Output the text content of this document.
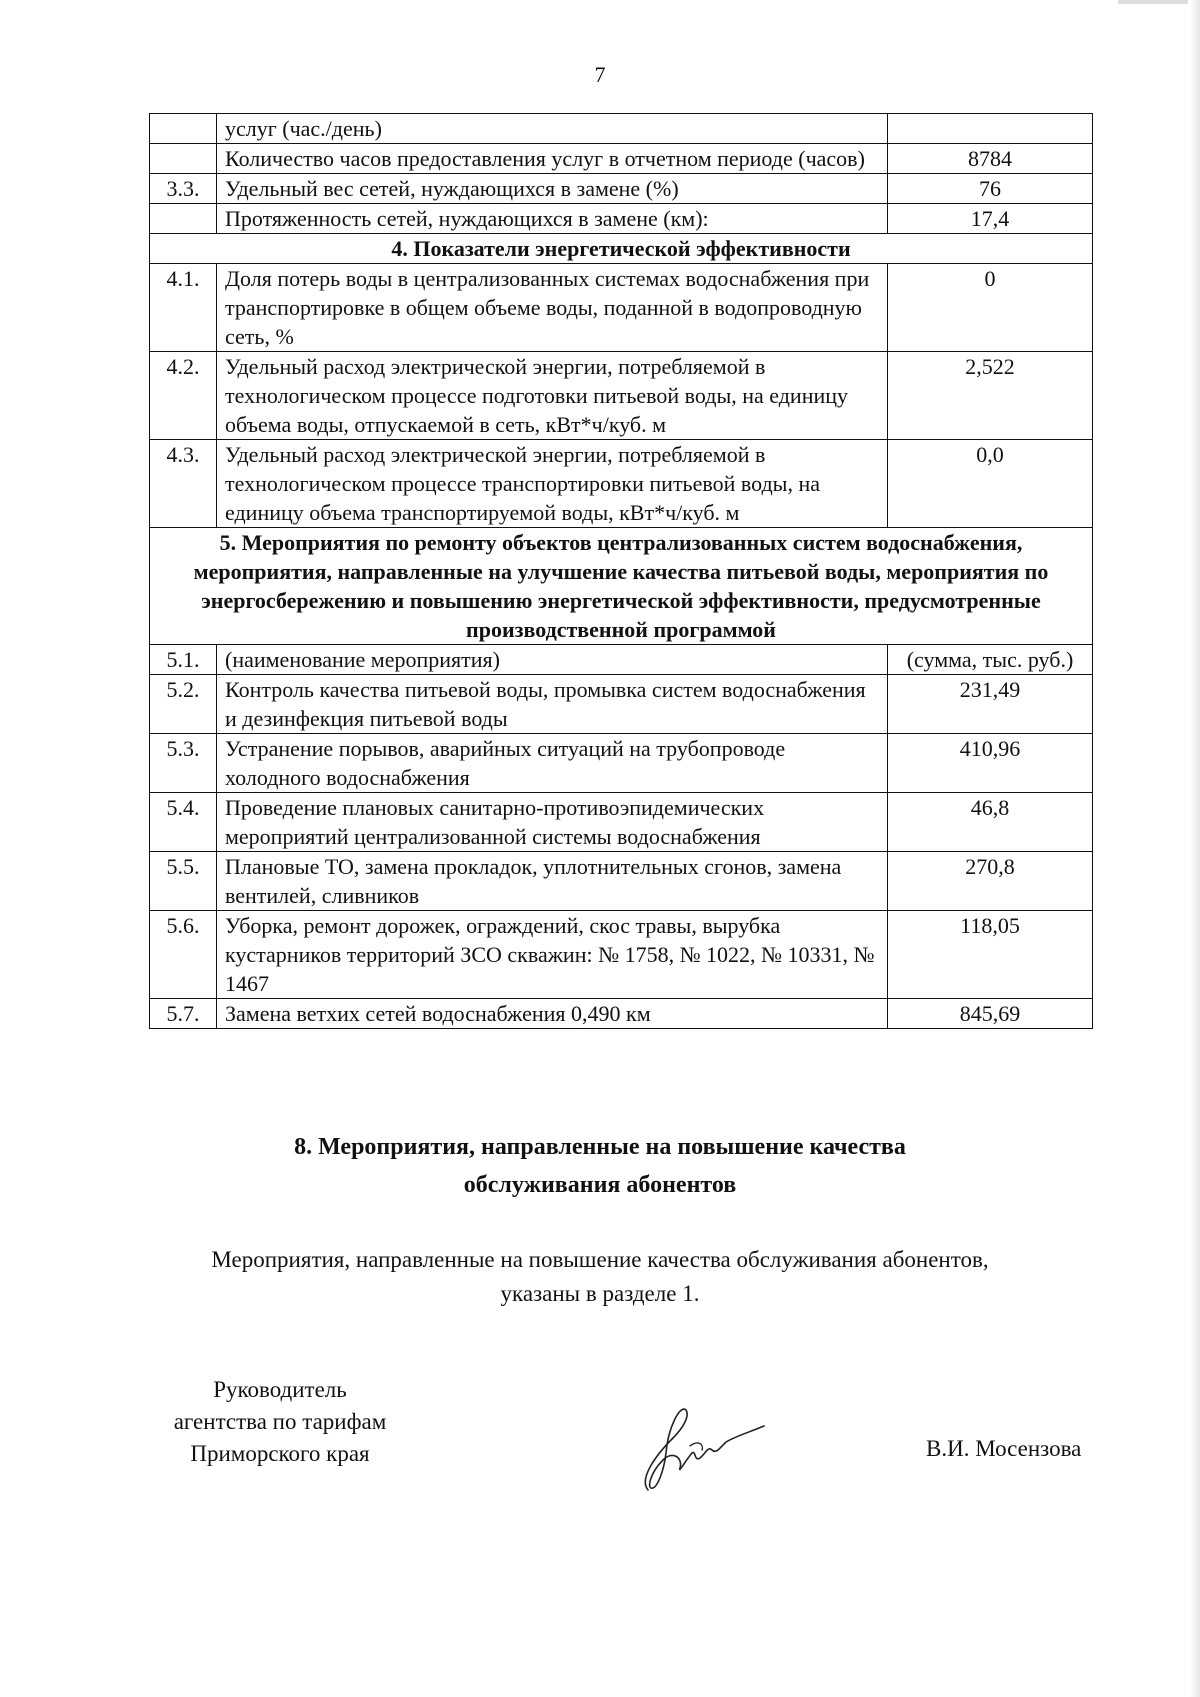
7
	услуг (час./день)	
	Количество часов предоставления услуг в отчетном периоде (часов)	8784
3.3.	Удельный вес сетей, нуждающихся в замене (%)	76
	Протяженность сетей, нуждающихся в замене (км):	17,4
4. Показатели энергетической эффективности		
4.1.	Доля потерь воды в централизованных системах водоснабжения при транспортировке в общем объеме воды, поданной в водопроводную сеть, %	0
4.2.	Удельный расход электрической энергии, потребляемой в технологическом процессе подготовки питьевой воды, на единицу объема воды, отпускаемой в сеть, кВт*ч/куб. м	2,522
4.3.	Удельный расход электрической энергии, потребляемой в технологическом процессе транспортировки питьевой воды, на единицу объема транспортируемой воды, кВт*ч/куб. м	0,0
5. Мероприятия по ремонту объектов централизованных систем водоснабжения, мероприятия, направленные на улучшение качества питьевой воды, мероприятия по энергосбережению и повышению энергетической эффективности, предусмотренные производственной программой		
5.1.	(наименование мероприятия)	(сумма, тыс. руб.)
5.2.	Контроль качества питьевой воды, промывка систем водоснабжения и дезинфекция питьевой воды	231,49
5.3.	Устранение порывов, аварийных ситуаций на трубопроводе холодного водоснабжения	410,96
5.4.	Проведение плановых санитарно-противоэпидемических мероприятий централизованной системы водоснабжения	46,8
5.5.	Плановые ТО, замена прокладок, уплотнительных сгонов, замена вентилей, сливников	270,8
5.6.	Уборка, ремонт дорожек, ограждений, скос травы, вырубка кустарников территорий ЗСО скважин: № 1758, № 1022, № 10331, № 1467	118,05
5.7.	Замена ветхих сетей водоснабжения 0,490 км	845,69
8. Мероприятия, направленные на повышение качества
обслуживания абонентов
Мероприятия, направленные на повышение качества обслуживания абонентов,
указаны в разделе 1.
Руководитель
агентства по тарифам
Приморского края	В.И. Мосензова
